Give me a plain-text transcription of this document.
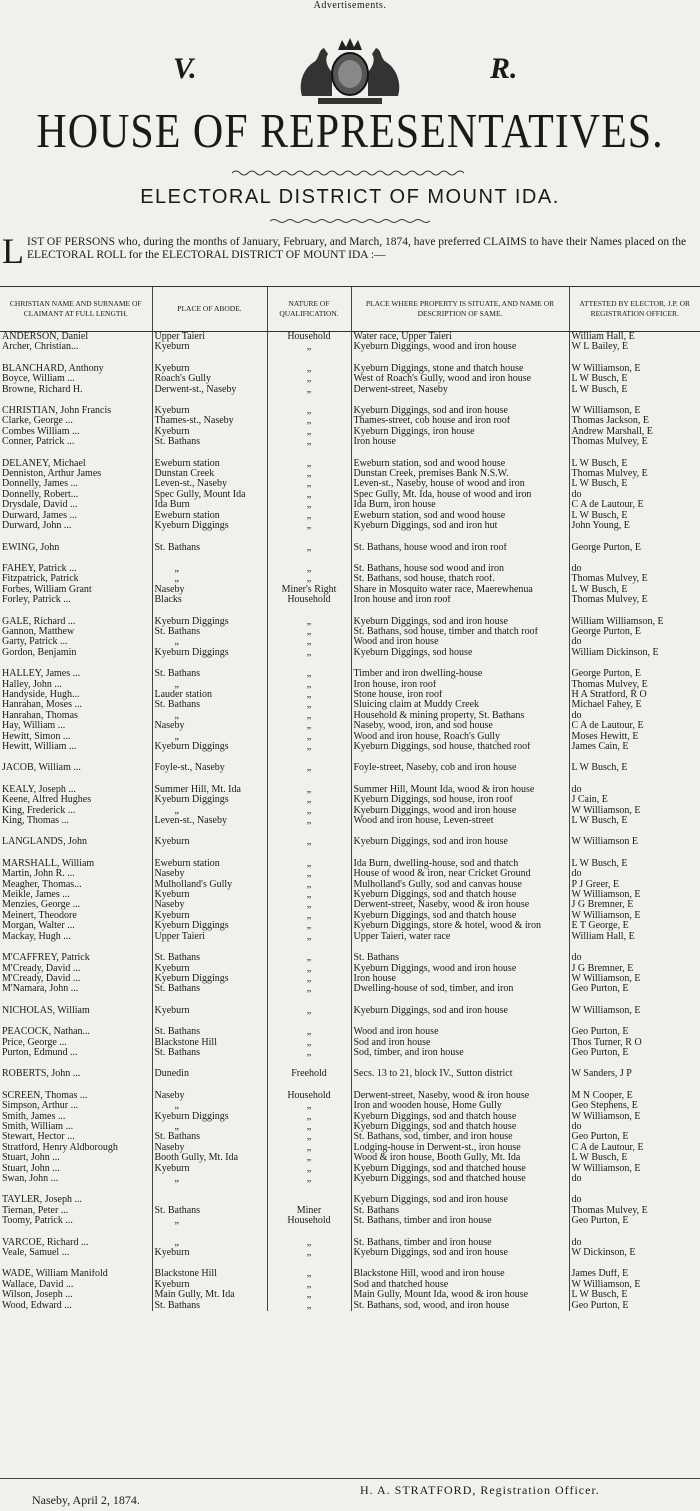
Advertisements.
V.	R.
HOUSE OF REPRESENTATIVES.
ELECTORAL DISTRICT OF MOUNT IDA.
L IST OF PERSONS who, during the months of January, February, and March, 1874, have preferred CLAIMS to have their Names placed on the ELECTORAL ROLL for the ELECTORAL DISTRICT OF MOUNT IDA :—
CHRISTIAN NAME AND SURNAME OF CLAIMANT AT FULL LENGTH.	PLACE OF ABODE.	NATURE OF QUALIFICATION.	PLACE WHERE PROPERTY IS SITUATE, AND NAME OR DESCRIPTION OF SAME.	ATTESTED BY ELECTOR, J.P. OR REGISTRATION OFFICER.
ANDERSON, Daniel	Upper Taieri	Household	Water race, Upper Taieri	William Hall, E
Archer, Christian...	Kyeburn	„	Kyeburn Diggings, wood and iron house	W L Bailey, E

BLANCHARD, Anthony	Kyeburn	„	Kyeburn Diggings, stone and thatch house	W Williamson, E
Boyce, William ...	Roach's Gully	„	West of Roach's Gully, wood and iron house	L W Busch, E
Browne, Richard H.	Derwent-st., Naseby	„	Derwent-street, Naseby	L W Busch, E

CHRISTIAN, John Francis	Kyeburn	„	Kyeburn Diggings, sod and iron house	W Williamson, E
Clarke, George ...	Thames-st., Naseby	„	Thames-street, cob house and iron roof	Thomas Jackson, E
Combes William ...	Kyeburn	„	Kyeburn Diggings, iron house	Andrew Marshall, E
Conner, Patrick ...	St. Bathans	„	Iron house	Thomas Mulvey, E

DELANEY, Michael	Eweburn station	„	Eweburn station, sod and wood house	L W Busch, E
Denniston, Arthur James	Dunstan Creek	„	Dunstan Creek, premises Bank N.S.W.	Thomas Mulvey, E
Donnelly, James ...	Leven-st., Naseby	„	Leven-st., Naseby, house of wood and iron	L W Busch, E
Donnelly, Robert...	Spec Gully, Mount Ida	„	Spec Gully, Mt. Ida, house of wood and iron	do
Drysdale, David ...	Ida Burn	„	Ida Burn, iron house	C A de Lautour, E
Durward, James ...	Eweburn station	„	Eweburn station, sod and wood house	L W Busch, E
Durward, John ...	Kyeburn Diggings	„	Kyeburn Diggings, sod and iron hut	John Young, E

EWING, John	St. Bathans	„	St. Bathans, house wood and iron roof	George Purton, E

FAHEY, Patrick ...	„	„	St. Bathans, house sod wood and iron	do
Fitzpatrick, Patrick	„	„	St. Bathans, sod house, thatch roof.	Thomas Mulvey, E
Forbes, William Grant	Naseby	Miner's Right	Share in Mosquito water race, Maerewhenua	L W Busch, E
Forley, Patrick ...	Blacks	Household	Iron house and iron roof	Thomas Mulvey, E

GALE, Richard ...	Kyeburn Diggings	„	Kyeburn Diggings, sod and iron house	William Williamson, E
Gannon, Matthew	St. Bathans	„	St. Bathans, sod house, timber and thatch roof	George Purton, E
Garty, Patrick ...	„	„	Wood and iron house	do
Gordon, Benjamin	Kyeburn Diggings	„	Kyeburn Diggings, sod house	William Dickinson, E

HALLEY, James ...	St. Bathans	„	Timber and iron dwelling-house	George Purton, E
Halley, John ...	„	„	Iron house, iron roof	Thomas Mulvey, E
Handyside, Hugh...	Lauder station	„	Stone house, iron roof	H A Stratford, R O
Hanrahan, Moses ...	St. Bathans	„	Sluicing claim at Muddy Creek	Michael Fahey, E
Hanrahan, Thomas	„	„	Household & mining property, St. Bathans	do
Hay, William ...	Naseby	„	Naseby, wood, iron, and sod house	C A de Lautour, E
Hewitt, Simon ...	„	„	Wood and iron house, Roach's Gully	Moses Hewitt, E
Hewitt, William ...	Kyeburn Diggings	„	Kyeburn Diggings, sod house, thatched roof	James Cain, E

JACOB, William ...	Foyle-st., Naseby	„	Foyle-street, Naseby, cob and iron house	L W Busch, E

KEALY, Joseph ...	Summer Hill, Mt. Ida	„	Summer Hill, Mount Ida, wood & iron house	do
Keene, Alfred Hughes	Kyeburn Diggings	„	Kyeburn Diggings, sod house, iron roof	J Cain, E
King, Frederick ...	„	„	Kyeburn Diggings, wood and iron house	W Williamson, E
King, Thomas ...	Leven-st., Naseby	„	Wood and iron house, Leven-street	L W Busch, E

LANGLANDS, John	Kyeburn	„	Kyeburn Diggings, sod and iron house	W Williamson E

MARSHALL, William	Eweburn station	„	Ida Burn, dwelling-house, sod and thatch	L W Busch, E
Martin, John R. ...	Naseby	„	House of wood & iron, near Cricket Ground	do
Meagher, Thomas...	Mulholland's Gully	„	Mulholland's Gully, sod and canvas house	P J Greer, E
Meikle, James ...	Kyeburn	„	Kyeburn Diggings, sod and thatch house	W Williamson, E
Menzies, George ...	Naseby	„	Derwent-street, Naseby, wood & iron house	J G Bremner, E
Meinert, Theodore	Kyeburn	„	Kyeburn Diggings, sod and thatch house	W Williamson, E
Morgan, Walter ...	Kyeburn Diggings	„	Kyeburn Diggings, store & hotel, wood & iron	E T George, E
Mackay, Hugh ...	Upper Taieri	„	Upper Taieri, water race	William Hall, E

M'CAFFREY, Patrick	St. Bathans	„	St. Bathans	do
M'Cready, David ...	Kyeburn	„	Kyeburn Diggings, wood and iron house	J G Bremner, E
M'Cready, David ...	Kyeburn Diggings	„	Iron house	W Williamson, E
M'Namara, John ...	St. Bathans	„	Dwelling-house of sod, timber, and iron	Geo Purton, E

NICHOLAS, William	Kyeburn	„	Kyeburn Diggings, sod and iron house	W Williamson, E

PEACOCK, Nathan...	St. Bathans	„	Wood and iron house	Geo Purton, E
Price, George ...	Blackstone Hill	„	Sod and iron house	Thos Turner, R O
Purton, Edmund ...	St. Bathans	„	Sod, timber, and iron house	Geo Purton, E

ROBERTS, John ...	Dunedin	Freehold	Secs. 13 to 21, block IV., Sutton district	W Sanders, J P

SCREEN, Thomas ...	Naseby	Household	Derwent-street, Naseby, wood & iron house	M N Cooper, E
Simpson, Arthur ...	„	„	Iron and wooden house, Home Gully	Geo Stephens, E
Smith, James ...	Kyeburn Diggings	„	Kyeburn Diggings, sod and thatch house	W Williamson, E
Smith, William ...	„	„	Kyeburn Diggings, sod and thatch house	do
Stewart, Hector ...	St. Bathans	„	St. Bathans, sod, timber, and iron house	Geo Purton, E
Stratford, Henry Aldborough	Naseby	„	Lodging-house in Derwent-st., iron house	C A de Lautour, E
Stuart, John ...	Booth Gully, Mt. Ida	„	Wood & iron house, Booth Gully, Mt. Ida	L W Busch, E
Stuart, John ...	Kyeburn	„	Kyeburn Diggings, sod and thatched house	W Williamson, E
Swan, John ...	„	„	Kyeburn Diggings, sod and thatched house	do

TAYLER, Joseph ...			Kyeburn Diggings, sod and iron house	do
Tiernan, Peter ...	St. Bathans	Miner	St. Bathans	Thomas Mulvey, E
Toomy, Patrick ...	„	Household	St. Bathans, timber and iron house	Geo Purton, E

VARCOE, Richard ...	„	„	St. Bathans, timber and iron house	do
Veale, Samuel ...	Kyeburn	„	Kyeburn Diggings, sod and iron house	W Dickinson, E

WADE, William Manifold	Blackstone Hill	„	Blackstone Hill, wood and iron house	James Duff, E
Wallace, David ...	Kyeburn	„	Sod and thatched house	W Williamson, E
Wilson, Joseph ...	Main Gully, Mt. Ida	„	Main Gully, Mount Ida, wood & iron house	L W Busch, E
Wood, Edward ...	St. Bathans	„	St. Bathans, sod, wood, and iron house	Geo Purton, E
Naseby, April 2, 1874.
H. A. STRATFORD, Registration Officer.
